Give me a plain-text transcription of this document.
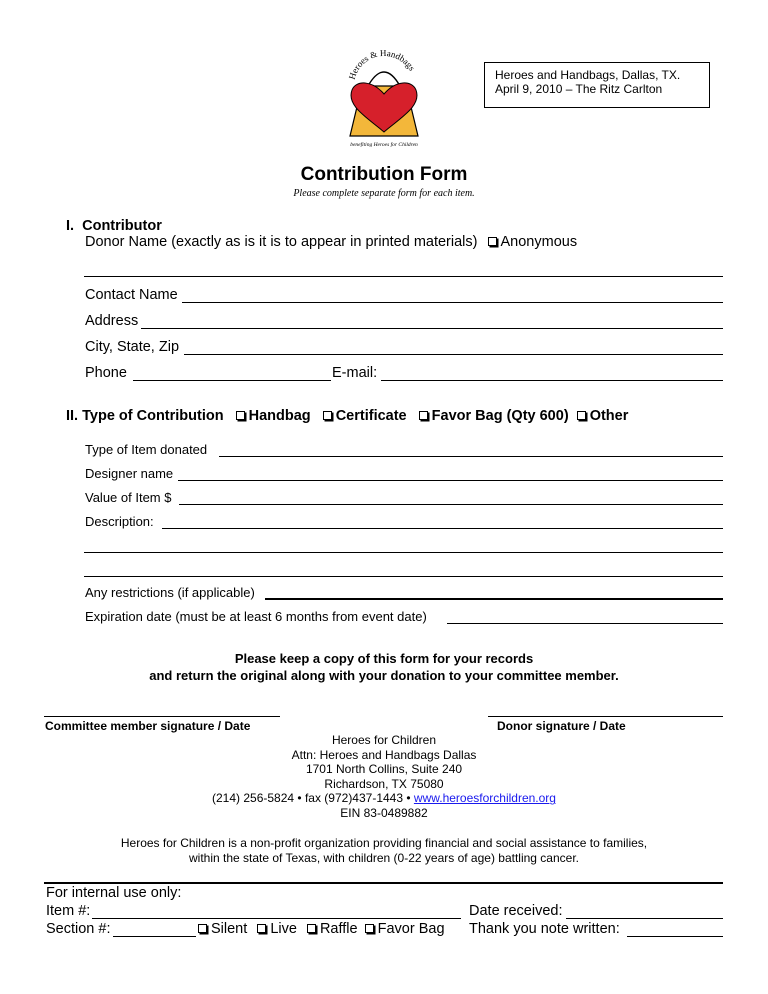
Heroes & Handbags
benefiting Heroes for Children
Heroes and Handbags, Dallas, TX.
April 9, 2010 – The Ritz Carlton
Contribution Form
Please complete separate form for each item.
I.  Contributor
Donor Name (exactly as is it is to appear in printed materials) Anonymous
Contact Name
Address
City, State, Zip
Phone	E-mail:
II. Type of Contribution Handbag Certificate Favor Bag (Qty 600) Other
Type of Item donated
Designer name
Value of Item $
Description:
Any restrictions (if applicable)
Expiration date (must be at least 6 months from event date)
Please keep a copy of this form for your records
and return the original along with your donation to your committee member.
Committee member signature / Date	Donor signature / Date
Heroes for Children
Attn: Heroes and Handbags Dallas
1701 North Collins, Suite 240
Richardson, TX 75080
(214) 256-5824 • fax (972)437-1443 • www.heroesforchildren.org
EIN 83-0489882
Heroes for Children is a non-profit organization providing financial and social assistance to families,
within the state of Texas, with children (0-22 years of age) battling cancer.
For internal use only:
Item #:	Date received:
Section #:	Silent Live Raffle Favor Bag Thank you note written:
